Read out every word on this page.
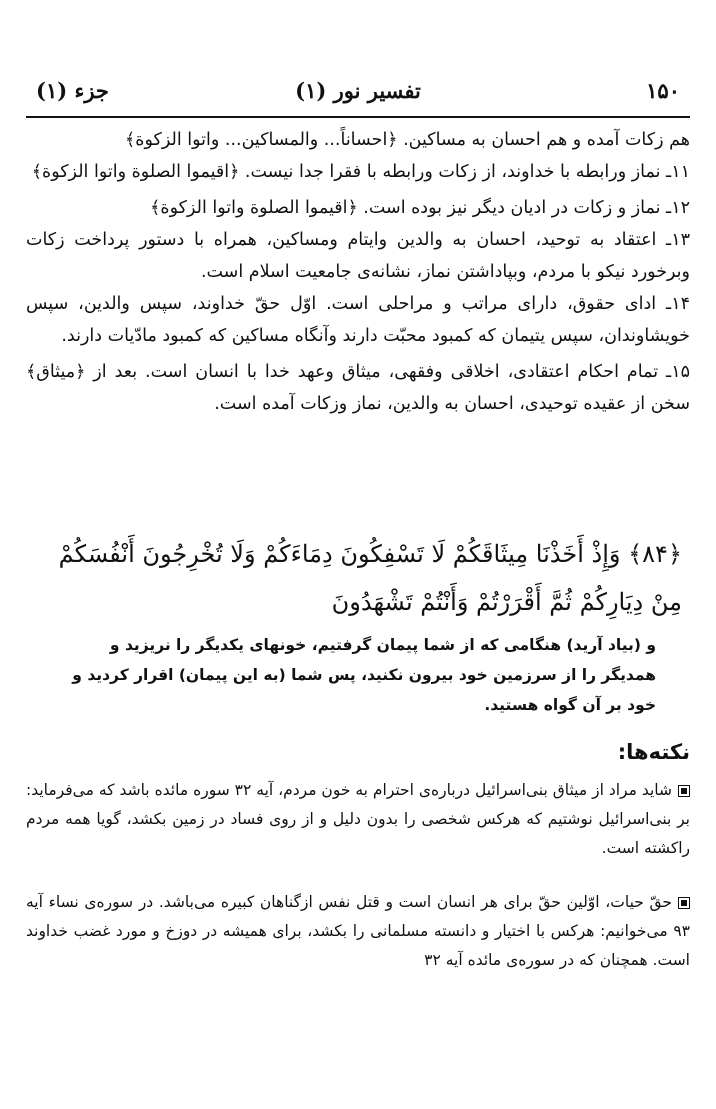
۱۵۰
تفسیر نور (۱)
جزء (۱)

هم زکات آمده و هم احسان به مساکین. ﴿احساناً... والمساکین... واتوا الزکوة﴾

۱۱ـ نماز ورابطه با خداوند، از زکات ورابطه با فقرا جدا نیست. ﴿اقیموا الصلوة واتوا الزکوة﴾

۱۲ـ نماز و زکات در ادیان دیگر نیز بوده است. ﴿اقیموا الصلوة واتوا الزکوة﴾

۱۳ـ اعتقاد به توحید، احسان به والدین وایتام ومساکین، همراه با دستور پرداخت زکات وبرخورد نیکو با مردم، وبپاداشتن نماز، نشانه‌ی جامعیت اسلام است.

۱۴ـ ادای حقوق، دارای مراتب و مراحلی است. اوّل حقّ خداوند، سپس والدین، سپس خویشاوندان، سپس یتیمان که کمبود محبّت دارند وآنگاه مساکین که کمبود مادّیات دارند.

۱۵ـ تمام احکام اعتقادی، اخلاقی وفقهی، میثاق وعهد خدا با انسان است. بعد از ﴿میثاق﴾ سخن از عقیده توحیدی، احسان به والدین، نماز وزکات آمده است.

﴿۸۴﴾ وَإِذْ أَخَذْنَا مِيثَاقَكُمْ لَا تَسْفِكُونَ دِمَاءَكُمْ وَلَا تُخْرِجُونَ أَنْفُسَكُمْ
مِنْ دِيَارِكُمْ ثُمَّ أَقْرَرْتُمْ وَأَنْتُمْ تَشْهَدُونَ
و (بیاد آرید) هنگامی که از شما پیمان گرفتیم، خونهای یکدیگر را نریزید و همدیگر را از سرزمین خود بیرون نکنید، پس شما (به این پیمان) اقرار کردید و خود بر آن گواه هستید.
نکته‌ها:
شاید مراد از میثاق بنی‌اسرائیل درباره‌ی احترام به خون مردم، آیه ۳۲ سوره مائده باشد که می‌فرماید: بر بنی‌اسرائیل نوشتیم که هرکس شخصی را بدون دلیل و از روی فساد در زمین بکشد، گویا همه مردم راکشته است.
حقّ حیات، اوّلین حقّ برای هر انسان است و قتل نفس ازگناهان کبیره می‌باشد. در سوره‌ی نساء آیه ۹۳ می‌خوانیم: هرکس با اختیار و دانسته مسلمانی را بکشد، برای همیشه در دوزخ و مورد غضب خداوند است. همچنان که در سوره‌ی مائده آیه ۳۲
